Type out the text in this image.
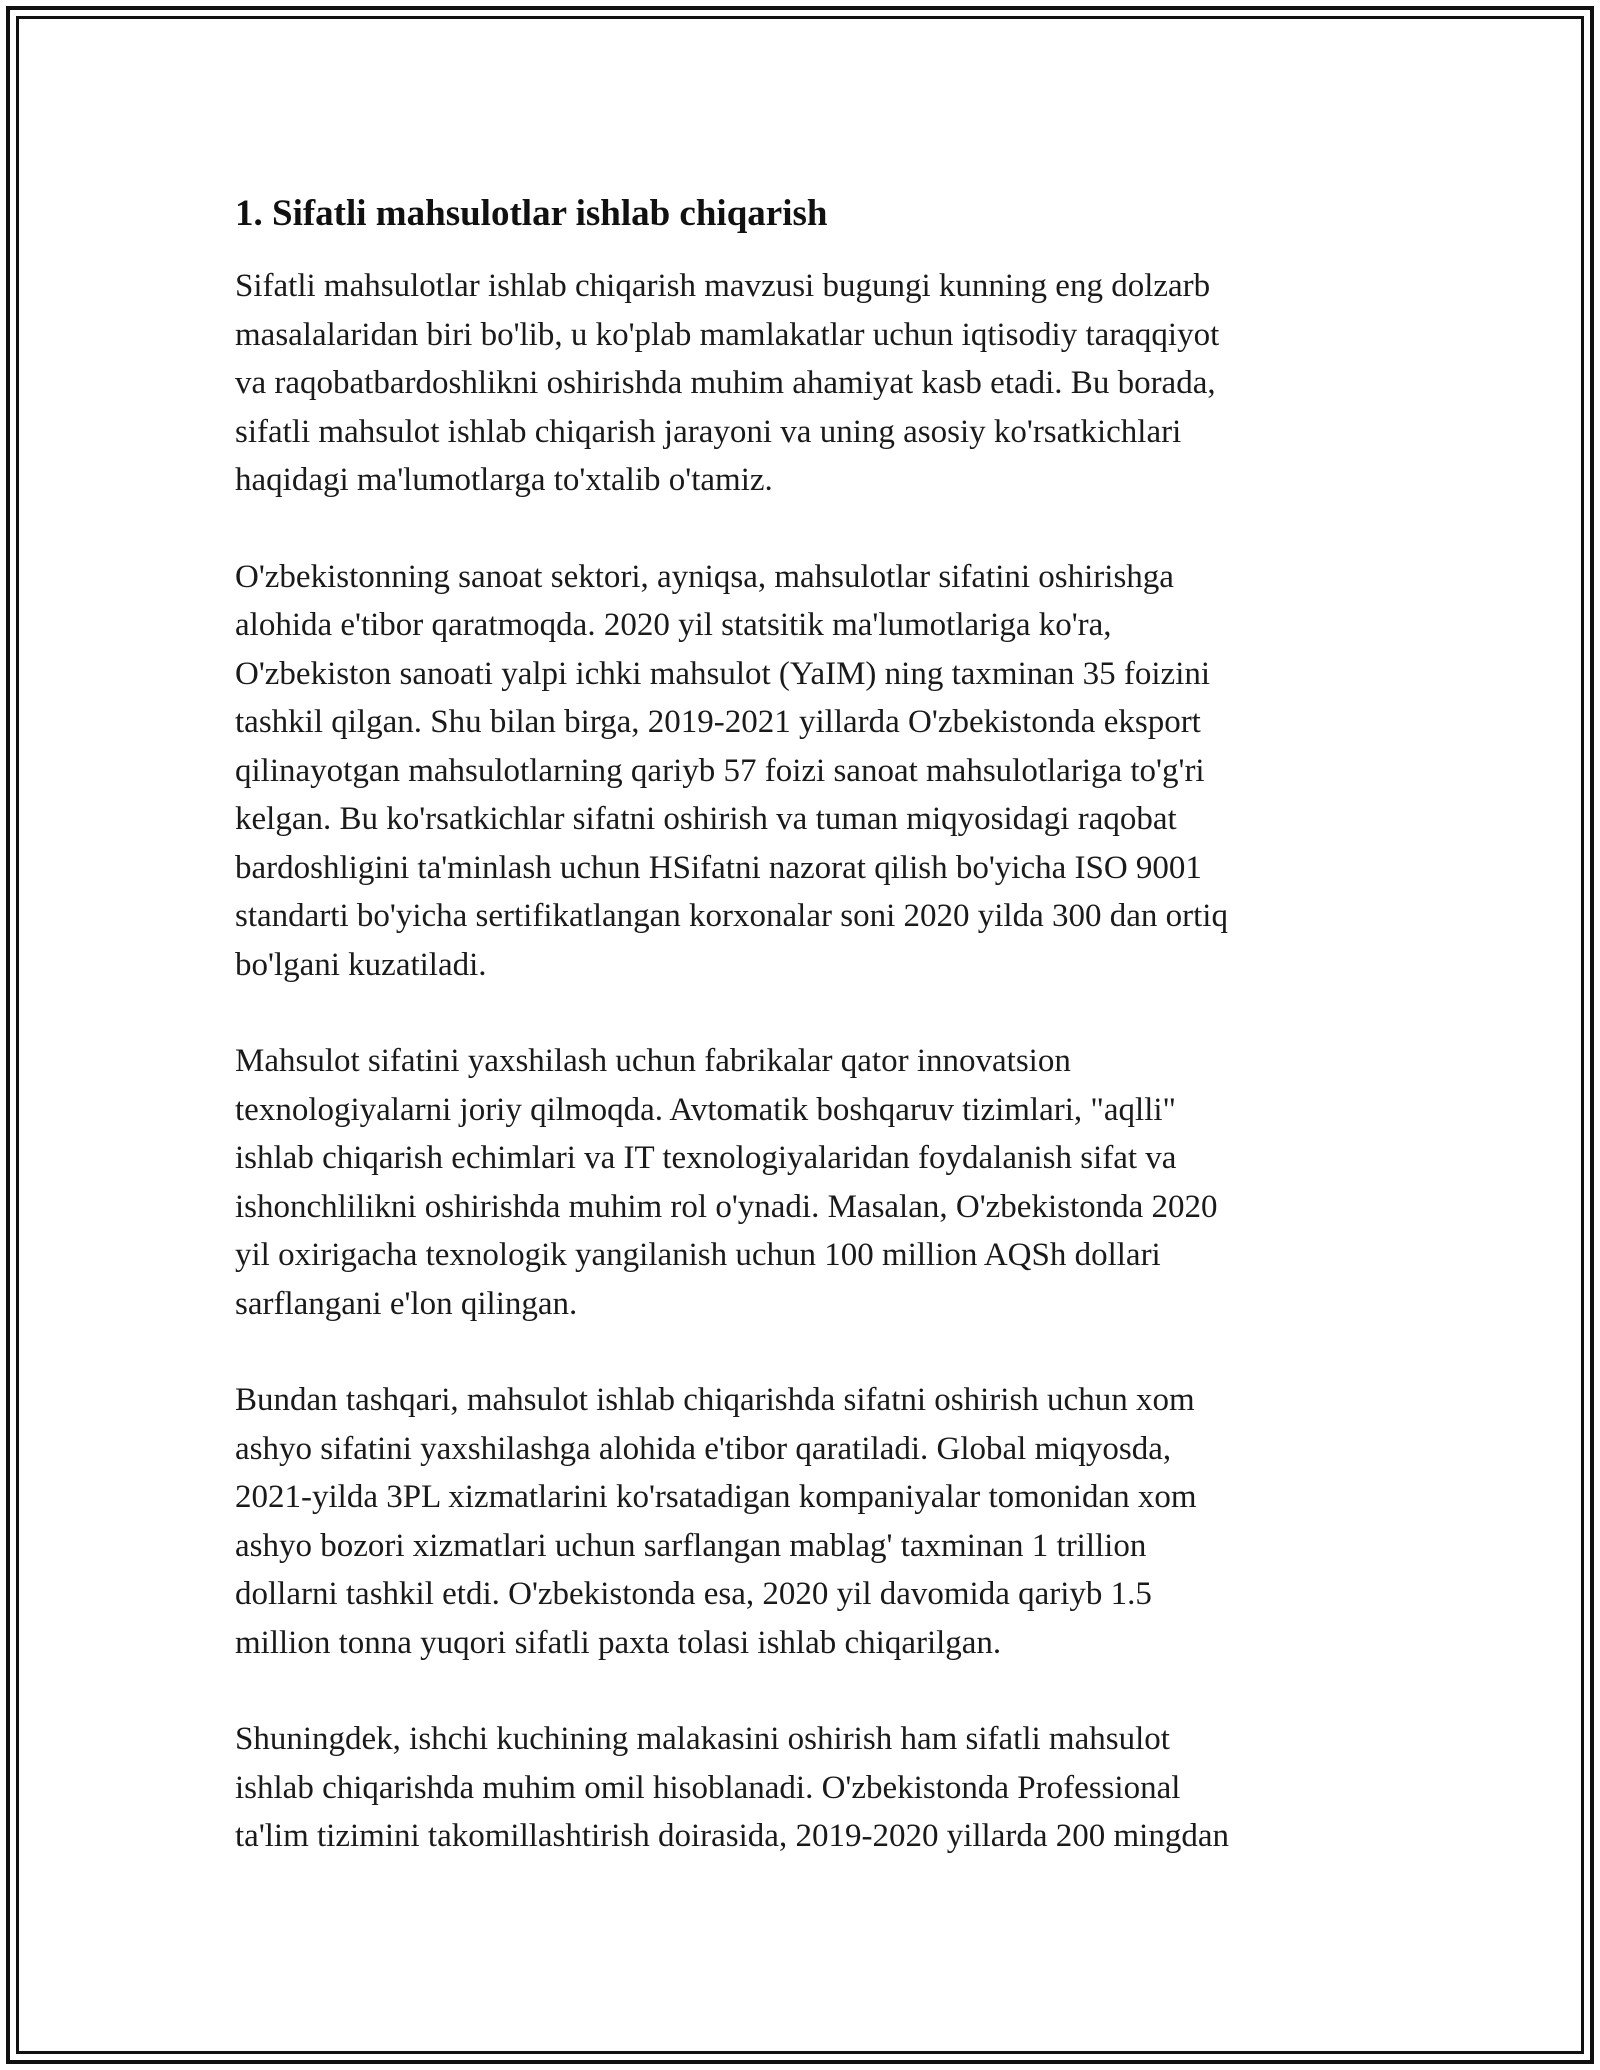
1. Sifatli mahsulotlar ishlab chiqarish

Sifatli mahsulotlar ishlab chiqarish mavzusi bugungi kunning eng dolzarb
masalalaridan biri bo'lib, u ko'plab mamlakatlar uchun iqtisodiy taraqqiyot
va raqobatbardoshlikni oshirishda muhim ahamiyat kasb etadi. Bu borada,
sifatli mahsulot ishlab chiqarish jarayoni va uning asosiy ko'rsatkichlari
haqidagi ma'lumotlarga to'xtalib o'tamiz.

O'zbekistonning sanoat sektori, ayniqsa, mahsulotlar sifatini oshirishga
alohida e'tibor qaratmoqda. 2020 yil statsitik ma'lumotlariga ko'ra,
O'zbekiston sanoati yalpi ichki mahsulot (YaIM) ning taxminan 35 foizini
tashkil qilgan. Shu bilan birga, 2019-2021 yillarda O'zbekistonda eksport
qilinayotgan mahsulotlarning qariyb 57 foizi sanoat mahsulotlariga to'g'ri
kelgan. Bu ko'rsatkichlar sifatni oshirish va tuman miqyosidagi raqobat
bardoshligini ta'minlash uchun HSifatni nazorat qilish bo'yicha ISO 9001
standarti bo'yicha sertifikatlangan korxonalar soni 2020 yilda 300 dan ortiq
bo'lgani kuzatiladi.

Mahsulot sifatini yaxshilash uchun fabrikalar qator innovatsion
texnologiyalarni joriy qilmoqda. Avtomatik boshqaruv tizimlari, "aqlli"
ishlab chiqarish echimlari va IT texnologiyalaridan foydalanish sifat va
ishonchlilikni oshirishda muhim rol o'ynadi. Masalan, O'zbekistonda 2020
yil oxirigacha texnologik yangilanish uchun 100 million AQSh dollari
sarflangani e'lon qilingan.

Bundan tashqari, mahsulot ishlab chiqarishda sifatni oshirish uchun xom
ashyo sifatini yaxshilashga alohida e'tibor qaratiladi. Global miqyosda,
2021-yilda 3PL xizmatlarini ko'rsatadigan kompaniyalar tomonidan xom
ashyo bozori xizmatlari uchun sarflangan mablag' taxminan 1 trillion
dollarni tashkil etdi. O'zbekistonda esa, 2020 yil davomida qariyb 1.5
million tonna yuqori sifatli paxta tolasi ishlab chiqarilgan.

Shuningdek, ishchi kuchining malakasini oshirish ham sifatli mahsulot
ishlab chiqarishda muhim omil hisoblanadi. O'zbekistonda Professional
ta'lim tizimini takomillashtirish doirasida, 2019-2020 yillarda 200 mingdan
